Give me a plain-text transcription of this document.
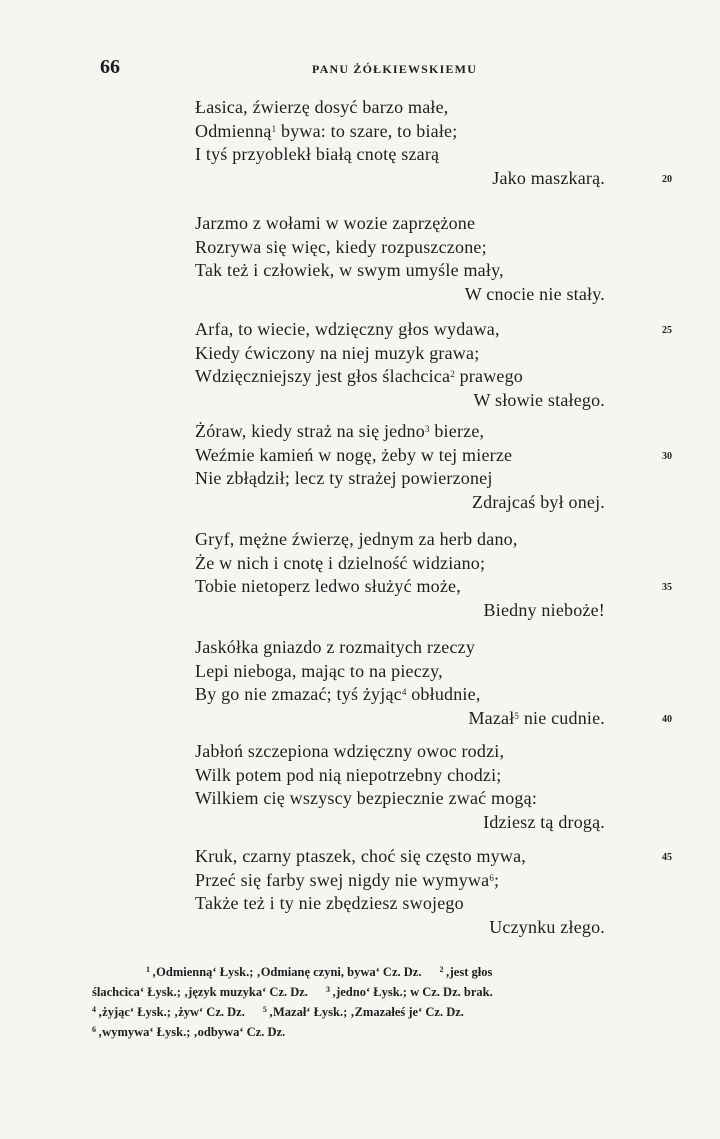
66	PANU ŻÓŁKIEWSKIEMU
Łasica, źwierzę dosyć barzo małe,
Odmienną$^1$ bywa: to szare, to białe;
I tyś przyoblekł białą cnotę szarą
Jako maszkarą.	20
Jarzmo z wołami w wozie zaprzężone
Rozrywa się więc, kiedy rozpuszczone;
Tak też i człowiek, w swym umyśle mały,
W cnocie nie stały.
Arfa, to wiecie, wdzięczny głos wydawa,
Kiedy ćwiczony na niej muzyk grawa;
Wdzięczniejszy jest głos ślachcica$^2$ prawego
W słowie stałego.
25
Żóraw, kiedy straż na się jedno$^3$ bierze,
Weźmie kamień w nogę, żeby w tej mierze
Nie zbłądził; lecz ty strażej powierzonej
Zdrajcaś był onej.
30
Gryf, mężne źwierzę, jednym za herb dano,
Że w nich i cnotę i dzielność widziano;
Tobie nietoperz ledwo służyć może,
Biedny nieboże!
35
Jaskółka gniazdo z rozmaitych rzeczy
Lepi nieboga, mając to na pieczy,
By go nie zmazać; tyś żyjąc$^4$ obłudnie,
Mazał$^5$ nie cudnie.	40
Jabłoń szczepiona wdzięczny owoc rodzi,
Wilk potem pod nią niepotrzebny chodzi;
Wilkiem cię wszyscy bezpiecznie zwać mogą:
Idziesz tą drogą.
Kruk, czarny ptaszek, choć się często mywa,
Przeć się farby swej nigdy nie wymywa$^6$;
Także też i ty nie zbędziesz swojego
Uczynku złego.
45
$^1$ ‚Odmienną‘ Łysk.; ‚Odmianę czyni, bywa‘ Cz. Dz. $^2$ ‚jest głos
ślachcica‘ Łysk.; ‚język muzyka‘ Cz. Dz. $^3$ ‚jedno‘ Łysk.; w Cz. Dz. brak.
$^4$ ‚żyjąc‘ Łysk.; ‚żyw‘ Cz. Dz. $^5$ ‚Mazał‘ Łysk.; ‚Zmazałeś je‘ Cz. Dz.
$^6$ ‚wymywa‘ Łysk.; ‚odbywa‘ Cz. Dz.
